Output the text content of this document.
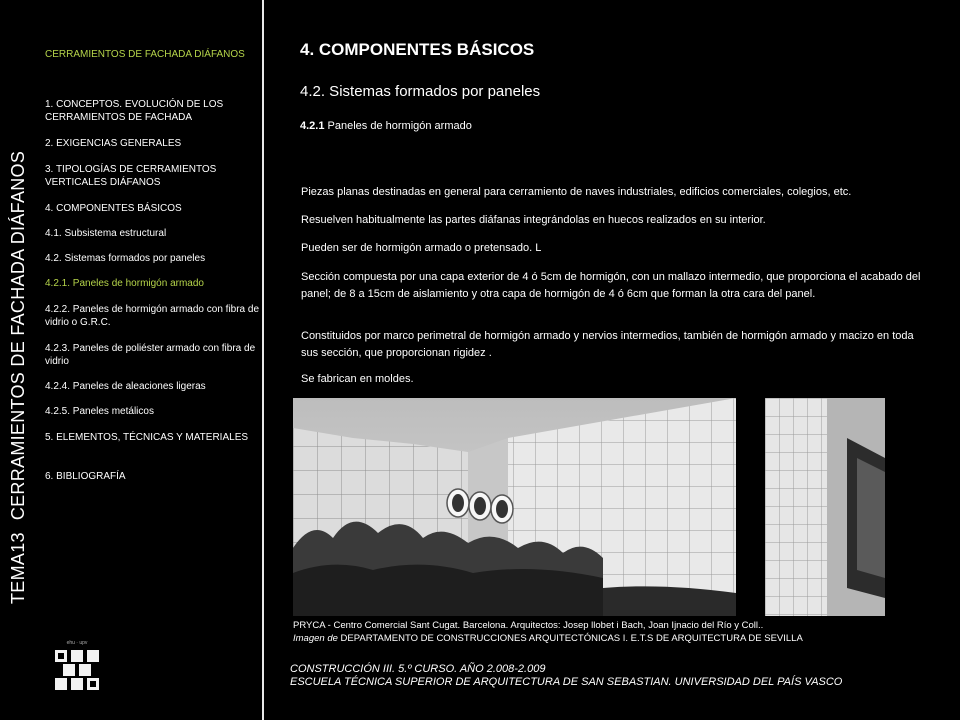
TEMA13CERRAMIENTOS DE FACHADA DIÁFANOS
CERRAMIENTOS DE FACHADA DIÁFANOS
1. CONCEPTOS. EVOLUCIÓN DE LOS CERRAMIENTOS DE FACHADA
2. EXIGENCIAS GENERALES
3. TIPOLOGÍAS DE CERRAMIENTOS VERTICALES DIÁFANOS
4. COMPONENTES BÁSICOS
4.1. Subsistema estructural
4.2. Sistemas formados por paneles
4.2.1. Paneles de hormigón armado
4.2.2. Paneles de hormigón armado con fibra de vidrio o G.R.C.
4.2.3. Paneles de poliéster armado con fibra de vidrio
4.2.4. Paneles de aleaciones ligeras
4.2.5. Paneles metálicos
5. ELEMENTOS, TÉCNICAS Y MATERIALES
6. BIBLIOGRAFÍA
ehu · upv
4. COMPONENTES BÁSICOS
4.2. Sistemas formados por paneles
4.2.1 Paneles de hormigón armado
Piezas planas destinadas en general para cerramiento de naves industriales, edificios comerciales, colegios, etc.
Resuelven habitualmente las partes diáfanas integrándolas en huecos realizados en su interior.
Pueden ser de hormigón armado o pretensado. L
Sección compuesta por una capa exterior de 4 ó 5cm de hormigón, con un mallazo intermedio, que proporciona el acabado del panel; de 8 a 15cm de aislamiento y otra capa de hormigón de 4 ó 6cm que forman la otra cara del panel.
Constituidos por marco perimetral de hormigón armado y nervios intermedios, también de hormigón armado y macizo en toda sus sección, que proporcionan rigidez .
Se fabrican en moldes.
PRYCA - Centro Comercial Sant Cugat. Barcelona. Arquitectos: Josep llobet i Bach, Joan Ijnacio del Río y Coll..
Imagen de DEPARTAMENTO DE CONSTRUCCIONES ARQUITECTÓNICAS I. E.T.S DE ARQUITECTURA DE SEVILLA
CONSTRUCCIÓN III. 5.º CURSO. AÑO 2.008-2.009
ESCUELA TÉCNICA SUPERIOR DE ARQUITECTURA DE SAN SEBASTIAN. UNIVERSIDAD DEL PAÍS VASCO
